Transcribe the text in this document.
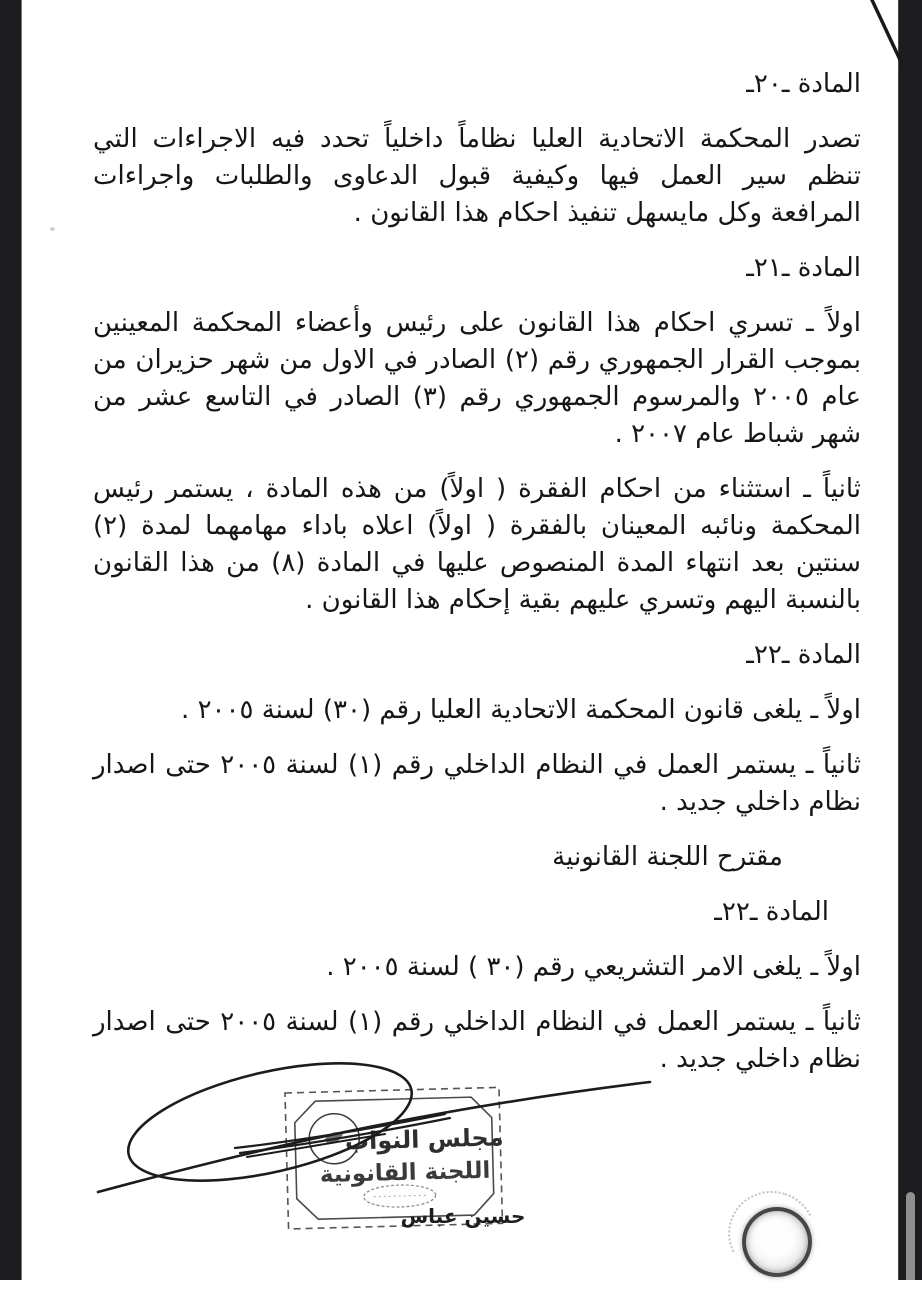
المادة ـ٢٠ـ
تصدر المحكمة الاتحادية العليا نظاماً داخلياً تحدد فيه الاجراءات التي تنظم سير العمل فيها وكيفية قبول الدعاوى والطلبات واجراءات المرافعة وكل مايسهل تنفيذ احكام هذا القانون .
المادة ـ٢١ـ
اولاً ـ تسري احكام هذا القانون على رئيس وأعضاء المحكمة المعينين بموجب القرار الجمهوري رقم (٢) الصادر في الاول من شهر حزيران من عام ٢٠٠٥ والمرسوم الجمهوري رقم (٣) الصادر في التاسع عشر من شهر شباط عام ٢٠٠٧ .
ثانياً ـ استثناء من احكام الفقرة ( اولاً) من هذه المادة ، يستمر رئيس المحكمة ونائبه المعينان بالفقرة ( اولاً) اعلاه باداء مهامهما لمدة (٢) سنتين بعد انتهاء المدة المنصوص عليها في المادة (٨) من هذا القانون بالنسبة اليهم وتسري عليهم بقية إحكام هذا القانون .
المادة ـ٢٢ـ
اولاً ـ يلغى قانون المحكمة الاتحادية العليا رقم (٣٠) لسنة ٢٠٠٥ .
ثانياً ـ يستمر العمل في النظام الداخلي رقم (١) لسنة ٢٠٠٥ حتى اصدار نظام داخلي جديد .
مقترح اللجنة القانونية
المادة ـ٢٢ـ
اولاً ـ يلغى الامر التشريعي رقم (٣٠ ) لسنة ٢٠٠٥ .
ثانياً ـ يستمر العمل في النظام الداخلي رقم (١) لسنة ٢٠٠٥ حتى اصدار نظام داخلي جديد .
مجلس النواب
اللجنة القانونية
حسين عباس
